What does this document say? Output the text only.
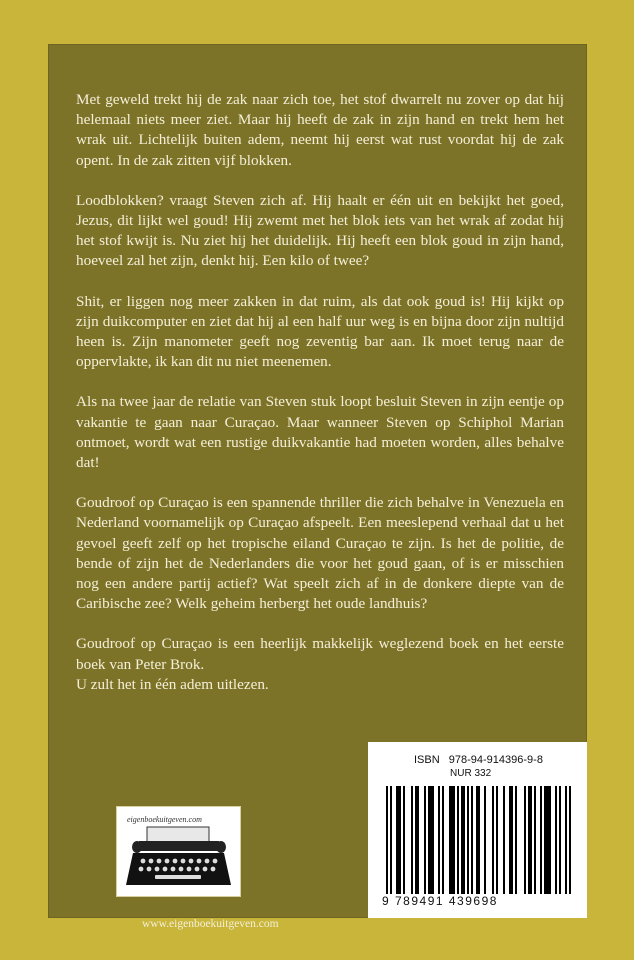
Met geweld trekt hij de zak naar zich toe, het stof dwarrelt nu zover op dat hij helemaal niets meer ziet. Maar hij heeft de zak in zijn hand en trekt hem het wrak uit. Lichtelijk buiten adem, neemt hij eerst wat rust voordat hij de zak opent. In de zak zitten vijf blokken.

Loodblokken? vraagt Steven zich af. Hij haalt er één uit en bekijkt het goed, Jezus, dit lijkt wel goud! Hij zwemt met het blok iets van het wrak af zodat hij het stof kwijt is. Nu ziet hij het duidelijk. Hij heeft een blok goud in zijn hand, hoeveel zal het zijn, denkt hij. Een kilo of twee?

Shit, er liggen nog meer zakken in dat ruim, als dat ook goud is! Hij kijkt op zijn duikcomputer en ziet dat hij al een half uur weg is en bijna door zijn nultijd heen is. Zijn manometer geeft nog zeventig bar aan. Ik moet terug naar de oppervlakte, ik kan dit nu niet meenemen.

Als na twee jaar de relatie van Steven stuk loopt besluit Steven in zijn eentje op vakantie te gaan naar Curaçao. Maar wanneer Steven op Schiphol Marian ontmoet, wordt wat een rustige duikvakantie had moeten worden, alles behalve dat!

Goudroof op Curaçao is een spannende thriller die zich behalve in Venezuela en Nederland voornamelijk op Curaçao afspeelt. Een meeslepend verhaal dat u het gevoel geeft zelf op het tropische eiland Curaçao te zijn. Is het de politie, de bende of zijn het de Nederlanders die voor het goud gaan, of is er misschien nog een andere partij actief? Wat speelt zich af in de donkere diepte van de Caribische zee? Welk geheim herbergt het oude landhuis?

Goudroof op Curaçao is een heerlijk makkelijk weglezend boek en het eerste boek van Peter Brok.

U zult het in één adem uitlezen.

ISBN 978-94-914396-9-8
NUR 332
9 789491 439698
eigenboekuitgeven.com
www.eigenboekuitgeven.com
